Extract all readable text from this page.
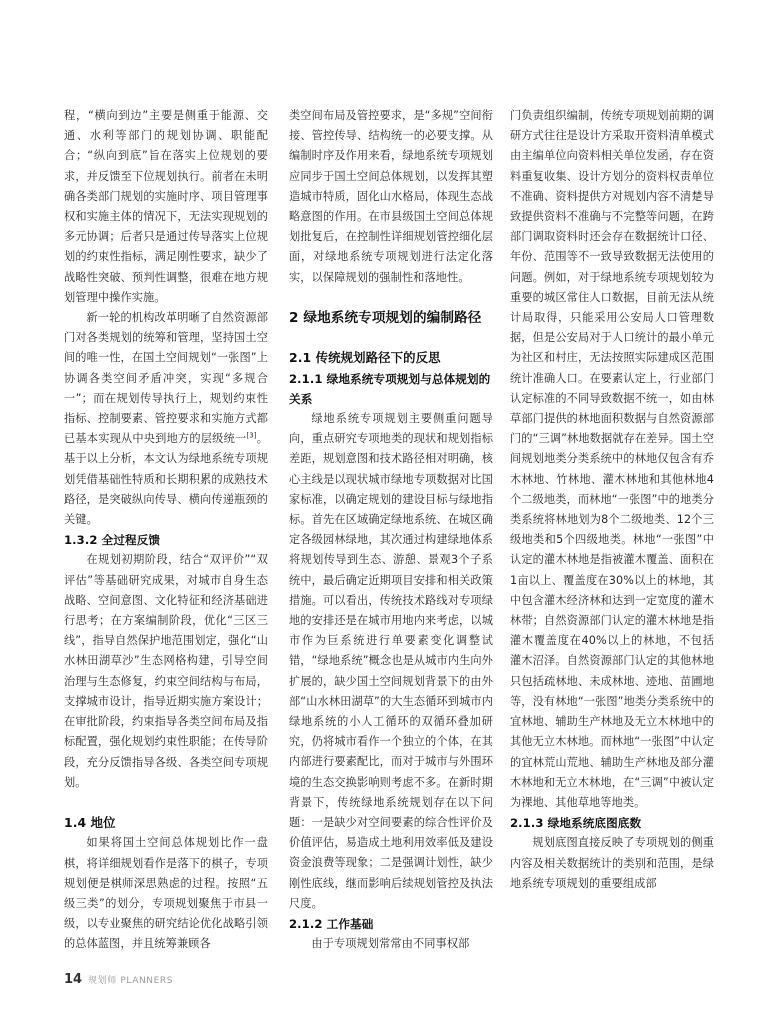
程，“横向到边”主要是侧重于能源、交通、水利等部门的规划协调、职能配合；“纵向到底”旨在落实上位规划的要求，并反馈至下位规划执行。前者在未明确各类部门规划的实施时序、项目管理事权和实施主体的情况下，无法实现规划的多元协调；后者只是通过传导落实上位规划的约束性指标，满足刚性要求，缺少了战略性突破、预判性调整，很难在地方规划管理中操作实施。

新一轮的机构改革明晰了自然资源部门对各类规划的统筹和管理，坚持国土空间的唯一性，在国土空间规划“一张图”上协调各类空间矛盾冲突，实现“多规合一”；而在规划传导执行上，规划约束性指标、控制要素、管控要求和实施方式都已基本实现从中央到地方的层级统一[3]。基于以上分析，本文认为绿地系统专项规划凭借基础性特质和长期积累的成熟技术路径，是突破纵向传导、横向传递瓶颈的关键。

1.3.2 全过程反馈

在规划初期阶段，结合“双评价”“双评估”等基础研究成果，对城市自身生态战略、空间意图、文化特征和经济基础进行思考；在方案编制阶段，优化“三区三线”，指导自然保护地范围划定，强化“山水林田湖草沙”生态网格构建，引导空间治理与生态修复，约束空间结构与布局，支撑城市设计，指导近期实施方案设计；在审批阶段，约束指导各类空间布局及指标配置，强化规划约束性职能；在传导阶段，充分反馈指导各级、各类空间专项规划。

1.4 地位

如果将国土空间总体规划比作一盘棋，将详细规划看作是落下的棋子，专项规划便是棋师深思熟虑的过程。按照“五级三类”的划分，专项规划聚焦于市县一级，以专业聚焦的研究结论优化战略引领的总体蓝图，并且统筹兼顾各

类空间布局及管控要求，是“多规”空间衔接、管控传导、结构统一的必要支撑。从编制时序及作用来看，绿地系统专项规划应同步于国土空间总体规划，以发挥其塑造城市特质，固化山水格局，体现生态战略意图的作用。在市县级国土空间总体规划批复后，在控制性详细规划管控细化层面，对绿地系统专项规划进行法定化落实，以保障规划的强制性和落地性。

2 绿地系统专项规划的编制路径
2.1 传统规划路径下的反思
2.1.1 绿地系统专项规划与总体规划的关系

绿地系统专项规划主要侧重问题导向，重点研究专项地类的现状和规划指标差距，规划意图和技术路径相对明确，核心主线是以现状城市绿地专项数据对比国家标准，以确定规划的建设目标与绿地指标。首先在区域确定绿地系统、在城区确定各级园林绿地，其次通过构建绿地体系将规划传导到生态、游憩、景观3个子系统中，最后确定近期项目安排和相关政策措施。可以看出，传统技术路线对专项绿地的安排还是在城市用地内来考虑，以城市作为巨系统进行单要素变化调整试错，“绿地系统”概念也是从城市内生向外扩展的，缺少国土空间规划背景下的由外部“山水林田湖草”的大生态循环到城市内绿地系统的小人工循环的双循环叠加研究，仍将城市看作一个独立的个体，在其内部进行要素配比，而对于城市与外围环境的生态交换影响则考虑不多。在新时期背景下，传统绿地系统规划存在以下问题：一是缺少对空间要素的综合性评价及价值评估，易造成土地利用效率低及建设资金浪费等现象；二是强调计划性，缺少刚性底线，继而影响后续规划管控及执法尺度。

2.1.2 工作基础

由于专项规划常常由不同事权部

门负责组织编制，传统专项规划前期的调研方式往往是设计方采取开资料清单模式由主编单位向资料相关单位发函，存在资料重复收集、设计方划分的资料权责单位不准确、资料提供方对规划内容不清楚导致提供资料不准确与不完整等问题，在跨部门调取资料时还会存在数据统计口径、年份、范围等不一致导致数据无法使用的问题。例如，对于绿地系统专项规划较为重要的城区常住人口数据，目前无法从统计局取得，只能采用公安局人口管理数据，但是公安局对于人口统计的最小单元为社区和村庄，无法按照实际建成区范围统计准确人口。在要素认定上，行业部门认定标准的不同导致数据不统一，如由林草部门提供的林地面积数据与自然资源部门的“三调”林地数据就存在差异。国土空间规划地类分类系统中的林地仅包含有乔木林地、竹林地、灌木林地和其他林地4个二级地类，而林地“一张图”中的地类分类系统将林地划为8个二级地类、12个三级地类和5个四级地类。林地“一张图”中认定的灌木林地是指被灌木覆盖、面积在1亩以上、覆盖度在30%以上的林地，其中包含灌木经济林和达到一定宽度的灌木林带；自然资源部门认定的灌木林地是指灌木覆盖度在40%以上的林地，不包括灌木沼泽。自然资源部门认定的其他林地只包括疏林地、未成林地、迹地、苗圃地等，没有林地“一张图”地类分类系统中的宜林地、辅助生产林地及无立木林地中的其他无立木林地。而林地“一张图”中认定的宜林荒山荒地、辅助生产林地及部分灌木林地和无立木林地，在“三调”中被认定为裸地、其他草地等地类。

2.1.3 绿地系统底图底数

规划底图直接反映了专项规划的侧重内容及相关数据统计的类别和范围，是绿地系统专项规划的重要组成部

14 规划师 PLANNERS
